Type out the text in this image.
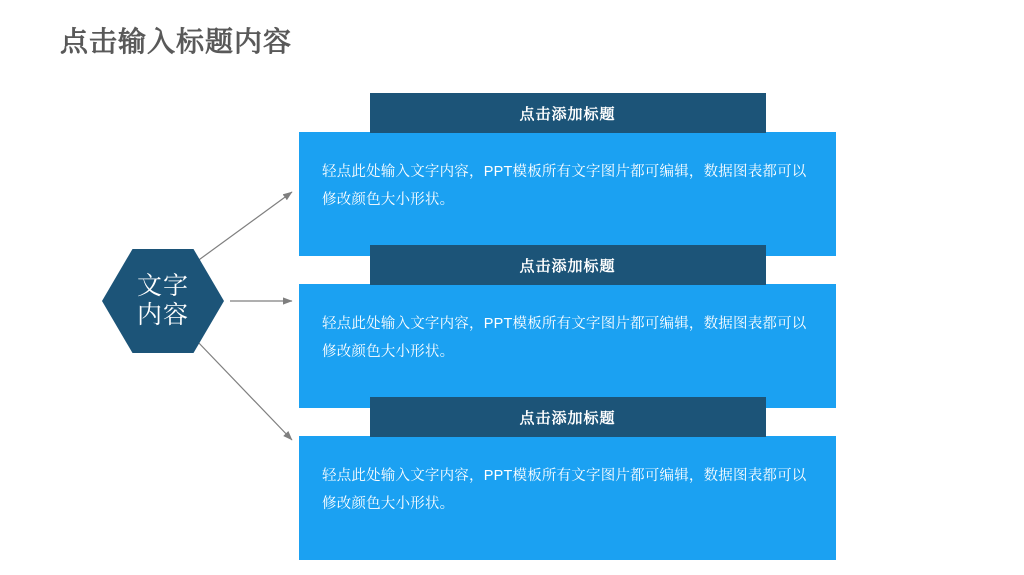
点击输入标题内容
文字
内容
点击添加标题
轻点此处输入文字内容，PPT模板所有文字图片都可编辑，数据图表都可以修改颜色大小形状。
点击添加标题
轻点此处输入文字内容，PPT模板所有文字图片都可编辑，数据图表都可以修改颜色大小形状。
点击添加标题
轻点此处输入文字内容，PPT模板所有文字图片都可编辑，数据图表都可以修改颜色大小形状。
